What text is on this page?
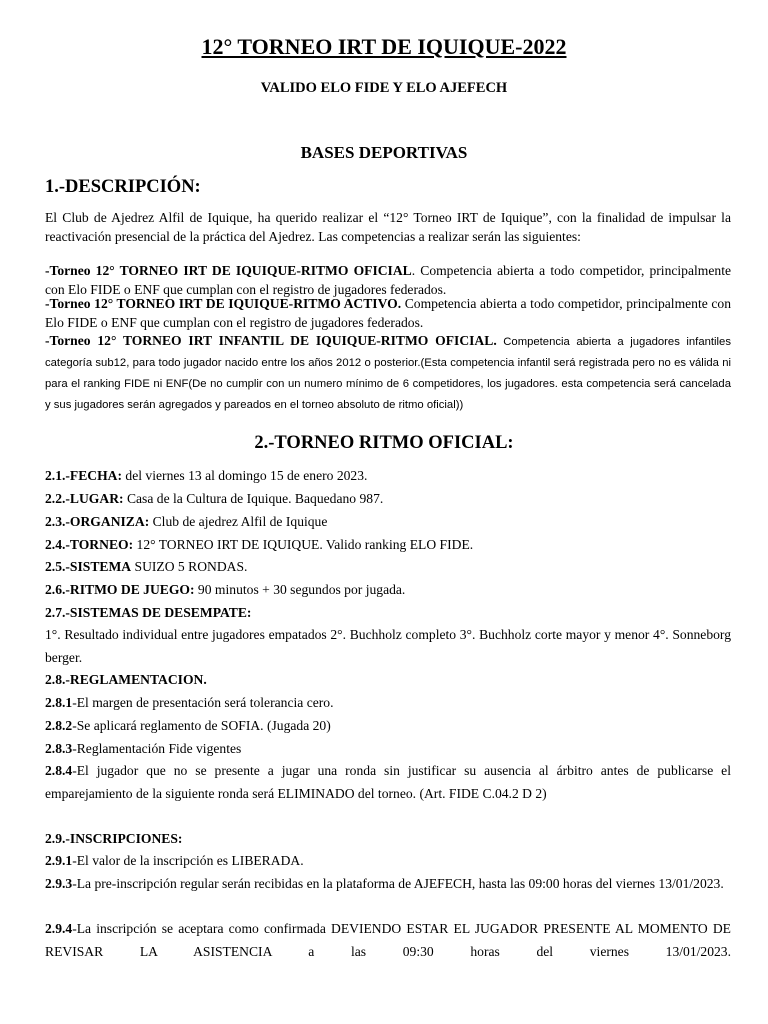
12° TORNEO IRT DE IQUIQUE-2022
VALIDO ELO FIDE Y ELO AJEFECH
BASES DEPORTIVAS
1.-DESCRIPCIÓN:
El Club de Ajedrez Alfil de Iquique, ha querido realizar el “12° Torneo IRT de Iquique”, con la finalidad de impulsar la reactivación presencial de la práctica del Ajedrez. Las competencias a realizar serán las siguientes:
-Torneo 12° TORNEO IRT DE IQUIQUE-RITMO OFICIAL. Competencia abierta a todo competidor, principalmente con Elo FIDE o ENF que cumplan con el registro de jugadores federados.
-Torneo 12° TORNEO IRT DE IQUIQUE-RITMO ACTIVO. Competencia abierta a todo competidor, principalmente con Elo FIDE o ENF que cumplan con el registro de jugadores federados.
-Torneo 12° TORNEO IRT INFANTIL DE IQUIQUE-RITMO OFICIAL. Competencia abierta a jugadores infantiles categoría sub12, para todo jugador nacido entre los años 2012 o posterior.(Esta competencia infantil será registrada pero no es válida ni para el ranking FIDE ni ENF(De no cumplir con un numero mínimo de 6 competidores, los jugadores. esta competencia será cancelada y sus jugadores serán agregados y pareados en el torneo absoluto de ritmo oficial))
2.-TORNEO RITMO OFICIAL:
2.1.-FECHA: del viernes 13 al domingo 15 de enero 2023.
2.2.-LUGAR: Casa de la Cultura de Iquique. Baquedano 987.
2.3.-ORGANIZA: Club de ajedrez Alfil de Iquique
2.4.-TORNEO: 12° TORNEO IRT DE IQUIQUE. Valido ranking ELO FIDE.
2.5.-SISTEMA SUIZO 5 RONDAS.
2.6.-RITMO DE JUEGO: 90 minutos + 30 segundos por jugada.
2.7.-SISTEMAS DE DESEMPATE:
1°. Resultado individual entre jugadores empatados 2°. Buchholz completo 3°. Buchholz corte mayor y menor 4°. Sonneborg berger.
2.8.-REGLAMENTACION.
2.8.1-El margen de presentación será tolerancia cero.
2.8.2-Se aplicará reglamento de SOFIA. (Jugada 20)
2.8.3-Reglamentación Fide vigentes
2.8.4-El jugador que no se presente a jugar una ronda sin justificar su ausencia al árbitro antes de publicarse el emparejamiento de la siguiente ronda será ELIMINADO del torneo. (Art. FIDE C.04.2 D 2)
2.9.-INSCRIPCIONES:
2.9.1-El valor de la inscripción es LIBERADA.
2.9.3-La pre-inscripción regular serán recibidas en la plataforma de AJEFECH, hasta las 09:00 horas del viernes 13/01/2023.
2.9.4-La inscripción se aceptara como confirmada DEVIENDO ESTAR EL JUGADOR PRESENTE AL MOMENTO DE REVISAR LA ASISTENCIA a las 09:30 horas del viernes 13/01/2023.
